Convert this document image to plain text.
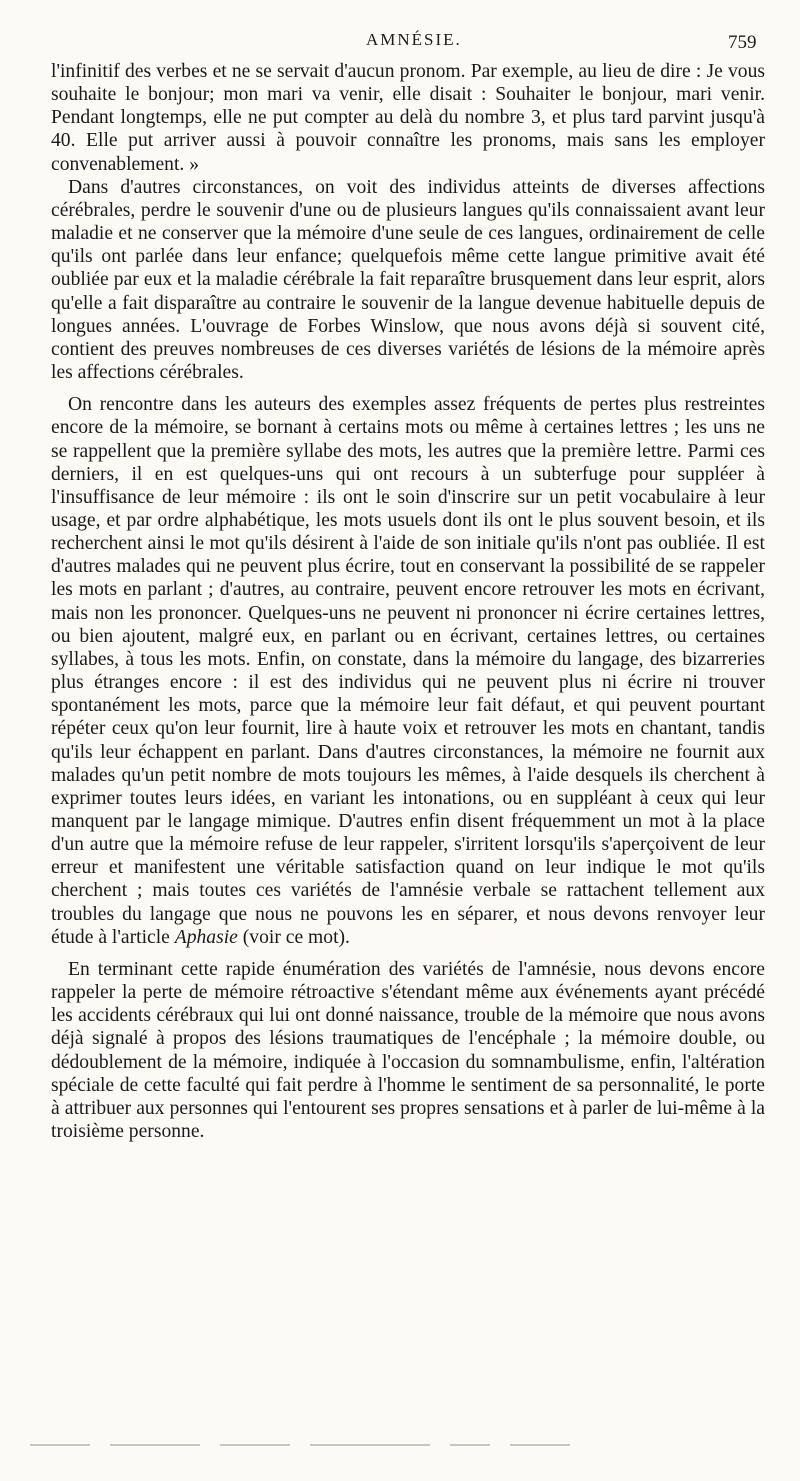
AMNÉSIE.	759

l'infinitif des verbes et ne se servait d'aucun pronom. Par exemple, au lieu de dire : Je vous souhaite le bonjour; mon mari va venir, elle disait : Souhaiter le bonjour, mari venir. Pendant longtemps, elle ne put compter au delà du nombre 3, et plus tard parvint jusqu'à 40. Elle put arriver aussi à pouvoir connaître les pronoms, mais sans les employer convenablement. »

Dans d'autres circonstances, on voit des individus atteints de diverses affections cérébrales, perdre le souvenir d'une ou de plusieurs langues qu'ils connaissaient avant leur maladie et ne conserver que la mémoire d'une seule de ces langues, ordinairement de celle qu'ils ont parlée dans leur enfance; quelquefois même cette langue primitive avait été oubliée par eux et la maladie cérébrale la fait reparaître brusquement dans leur esprit, alors qu'elle a fait disparaître au contraire le souvenir de la langue devenue habituelle depuis de longues années. L'ouvrage de Forbes Winslow, que nous avons déjà si souvent cité, contient des preuves nombreuses de ces diverses variétés de lésions de la mémoire après les affections cérébrales.

On rencontre dans les auteurs des exemples assez fréquents de pertes plus restreintes encore de la mémoire, se bornant à certains mots ou même à certaines lettres ; les uns ne se rappellent que la première syllabe des mots, les autres que la première lettre. Parmi ces derniers, il en est quelques-uns qui ont recours à un subterfuge pour suppléer à l'insuffisance de leur mémoire : ils ont le soin d'inscrire sur un petit vocabulaire à leur usage, et par ordre alphabétique, les mots usuels dont ils ont le plus souvent besoin, et ils recherchent ainsi le mot qu'ils désirent à l'aide de son initiale qu'ils n'ont pas oubliée. Il est d'autres malades qui ne peuvent plus écrire, tout en conservant la possibilité de se rappeler les mots en parlant ; d'autres, au contraire, peuvent encore retrouver les mots en écrivant, mais non les prononcer. Quelques-uns ne peuvent ni prononcer ni écrire certaines lettres, ou bien ajoutent, malgré eux, en parlant ou en écrivant, certaines lettres, ou certaines syllabes, à tous les mots. Enfin, on constate, dans la mémoire du langage, des bizarreries plus étranges encore : il est des individus qui ne peuvent plus ni écrire ni trouver spontanément les mots, parce que la mémoire leur fait défaut, et qui peuvent pourtant répéter ceux qu'on leur fournit, lire à haute voix et retrouver les mots en chantant, tandis qu'ils leur échappent en parlant. Dans d'autres circonstances, la mémoire ne fournit aux malades qu'un petit nombre de mots toujours les mêmes, à l'aide desquels ils cherchent à exprimer toutes leurs idées, en variant les intonations, ou en suppléant à ceux qui leur manquent par le langage mimique. D'autres enfin disent fréquemment un mot à la place d'un autre que la mémoire refuse de leur rappeler, s'irritent lorsqu'ils s'aperçoivent de leur erreur et manifestent une véritable satisfaction quand on leur indique le mot qu'ils cherchent ; mais toutes ces variétés de l'amnésie verbale se rattachent tellement aux troubles du langage que nous ne pouvons les en séparer, et nous devons renvoyer leur étude à l'article Aphasie (voir ce mot).

En terminant cette rapide énumération des variétés de l'amnésie, nous devons encore rappeler la perte de mémoire rétroactive s'étendant même aux événements ayant précédé les accidents cérébraux qui lui ont donné naissance, trouble de la mémoire que nous avons déjà signalé à propos des lésions traumatiques de l'encéphale ; la mémoire double, ou dédoublement de la mémoire, indiquée à l'occasion du somnambulisme, enfin, l'altération spéciale de cette faculté qui fait perdre à l'homme le sentiment de sa personnalité, le porte à attribuer aux personnes qui l'entourent ses propres sensations et à parler de lui-même à la troisième personne.
